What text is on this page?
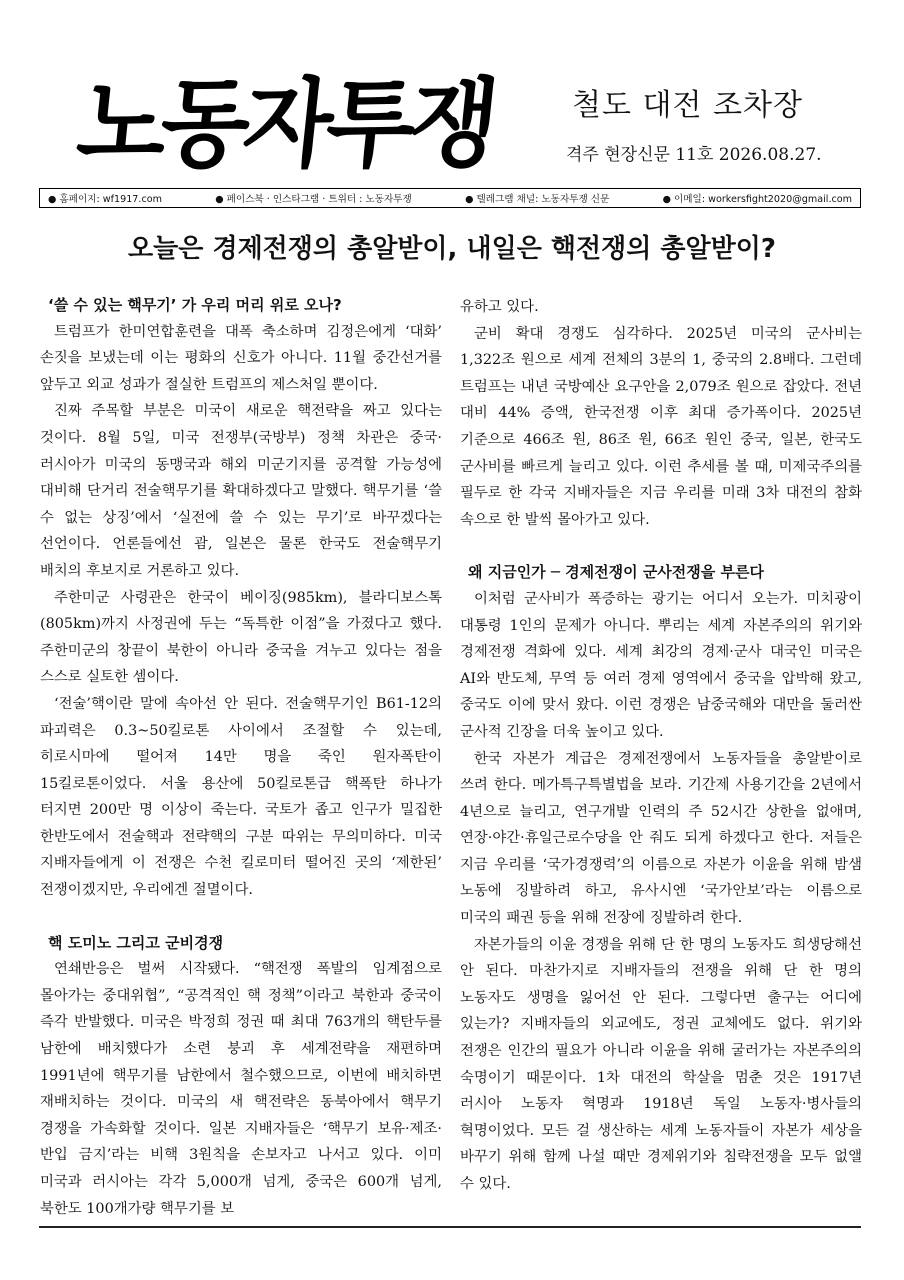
노동자투쟁 철도 대전 조차장
격주 현장신문 11호 2026.08.27.
● 홈페이지: wf1917.com	● 페이스북 · 인스타그램 · 트위터 : 노동자투쟁	● 텔레그램 채널: 노동자투쟁 신문	● 이메일: workersfight2020@gmail.com
오늘은 경제전쟁의 총알받이, 내일은 핵전쟁의 총알받이?
‘쓸 수 있는 핵무기’ 가 우리 머리 위로 오나?

트럼프가 한미연합훈련을 대폭 축소하며 김정은에게 ‘대화’ 손짓을 보냈는데 이는 평화의 신호가 아니다. 11월 중간선거를 앞두고 외교 성과가 절실한 트럼프의 제스처일 뿐이다.

진짜 주목할 부분은 미국이 새로운 핵전략을 짜고 있다는 것이다. 8월 5일, 미국 전쟁부(국방부) 정책 차관은 중국·러시아가 미국의 동맹국과 해외 미군기지를 공격할 가능성에 대비해 단거리 전술핵무기를 확대하겠다고 말했다. 핵무기를 ‘쓸 수 없는 상징’에서 ‘실전에 쓸 수 있는 무기’로 바꾸겠다는 선언이다. 언론들에선 괌, 일본은 물론 한국도 전술핵무기 배치의 후보지로 거론하고 있다.

주한미군 사령관은 한국이 베이징(985km), 블라디보스톡(805km)까지 사정권에 두는 “독특한 이점”을 가졌다고 했다. 주한미군의 창끝이 북한이 아니라 중국을 겨누고 있다는 점을 스스로 실토한 셈이다.

‘전술’핵이란 말에 속아선 안 된다. 전술핵무기인 B61-12의 파괴력은 0.3~50킬로톤 사이에서 조절할 수 있는데, 히로시마에 떨어져 14만 명을 죽인 원자폭탄이 15킬로톤이었다. 서울 용산에 50킬로톤급 핵폭탄 하나가 터지면 200만 명 이상이 죽는다. 국토가 좁고 인구가 밀집한 한반도에서 전술핵과 전략핵의 구분 따위는 무의미하다. 미국 지배자들에게 이 전쟁은 수천 킬로미터 떨어진 곳의 ‘제한된’ 전쟁이겠지만, 우리에겐 절멸이다.

핵 도미노 그리고 군비경쟁

연쇄반응은 벌써 시작됐다. “핵전쟁 폭발의 임계점으로 몰아가는 중대위협”, “공격적인 핵 정책”이라고 북한과 중국이 즉각 반발했다. 미국은 박정희 정권 때 최대 763개의 핵탄두를 남한에 배치했다가 소련 붕괴 후 세계전략을 재편하며 1991년에 핵무기를 남한에서 철수했으므로, 이번에 배치하면 재배치하는 것이다. 미국의 새 핵전략은 동북아에서 핵무기 경쟁을 가속화할 것이다. 일본 지배자들은 ‘핵무기 보유·제조·반입 금지’라는 비핵 3원칙을 손보자고 나서고 있다. 이미 미국과 러시아는 각각 5,000개 넘게, 중국은 600개 넘게, 북한도 100개가량 핵무기를 보

유하고 있다.

군비 확대 경쟁도 심각하다. 2025년 미국의 군사비는 1,322조 원으로 세계 전체의 3분의 1, 중국의 2.8배다. 그런데 트럼프는 내년 국방예산 요구안을 2,079조 원으로 잡았다. 전년 대비 44% 증액, 한국전쟁 이후 최대 증가폭이다. 2025년 기준으로 466조 원, 86조 원, 66조 원인 중국, 일본, 한국도 군사비를 빠르게 늘리고 있다. 이런 추세를 볼 때, 미제국주의를 필두로 한 각국 지배자들은 지금 우리를 미래 3차 대전의 참화 속으로 한 발씩 몰아가고 있다.

왜 지금인가 ─ 경제전쟁이 군사전쟁을 부른다

이처럼 군사비가 폭증하는 광기는 어디서 오는가. 미치광이 대통령 1인의 문제가 아니다. 뿌리는 세계 자본주의의 위기와 경제전쟁 격화에 있다. 세계 최강의 경제·군사 대국인 미국은 AI와 반도체, 무역 등 여러 경제 영역에서 중국을 압박해 왔고, 중국도 이에 맞서 왔다. 이런 경쟁은 남중국해와 대만을 둘러싼 군사적 긴장을 더욱 높이고 있다.

한국 자본가 계급은 경제전쟁에서 노동자들을 총알받이로 쓰려 한다. 메가특구특별법을 보라. 기간제 사용기간을 2년에서 4년으로 늘리고, 연구개발 인력의 주 52시간 상한을 없애며, 연장·야간·휴일근로수당을 안 줘도 되게 하겠다고 한다. 저들은 지금 우리를 ‘국가경쟁력’의 이름으로 자본가 이윤을 위해 밤샘 노동에 징발하려 하고, 유사시엔 ‘국가안보’라는 이름으로 미국의 패권 등을 위해 전장에 징발하려 한다.

자본가들의 이윤 경쟁을 위해 단 한 명의 노동자도 희생당해선 안 된다. 마찬가지로 지배자들의 전쟁을 위해 단 한 명의 노동자도 생명을 잃어선 안 된다. 그렇다면 출구는 어디에 있는가? 지배자들의 외교에도, 정권 교체에도 없다. 위기와 전쟁은 인간의 필요가 아니라 이윤을 위해 굴러가는 자본주의의 숙명이기 때문이다. 1차 대전의 학살을 멈춘 것은 1917년 러시아 노동자 혁명과 1918년 독일 노동자·병사들의 혁명이었다. 모든 걸 생산하는 세계 노동자들이 자본가 세상을 바꾸기 위해 함께 나설 때만 경제위기와 침략전쟁을 모두 없앨 수 있다.
